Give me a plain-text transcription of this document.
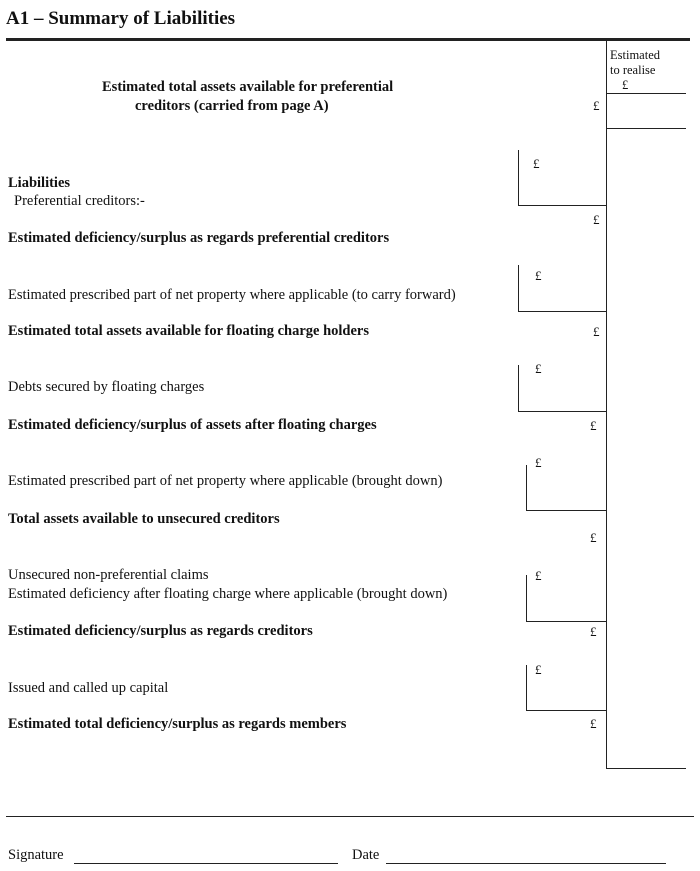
A1 – Summary of Liabilities
Estimated
to realise
£
Estimated total assets available for preferential
creditors (carried from page A)	£
£
Liabilities
Preferential creditors:-
£
Estimated deficiency/surplus as regards preferential creditors
£
Estimated prescribed part of net property where applicable (to carry forward)
£
Estimated total assets available for floating charge holders
£
Debts secured by floating charges
£
Estimated deficiency/surplus of assets after floating charges
£
Estimated prescribed part of net property where applicable (brought down)
Total assets available to unsecured creditors
£
£
Unsecured non-preferential claims
Estimated deficiency after floating charge where applicable (brought down)
£
Estimated deficiency/surplus as regards creditors
£
Issued and called up capital
£
Estimated total deficiency/surplus as regards members
Signature	Date
